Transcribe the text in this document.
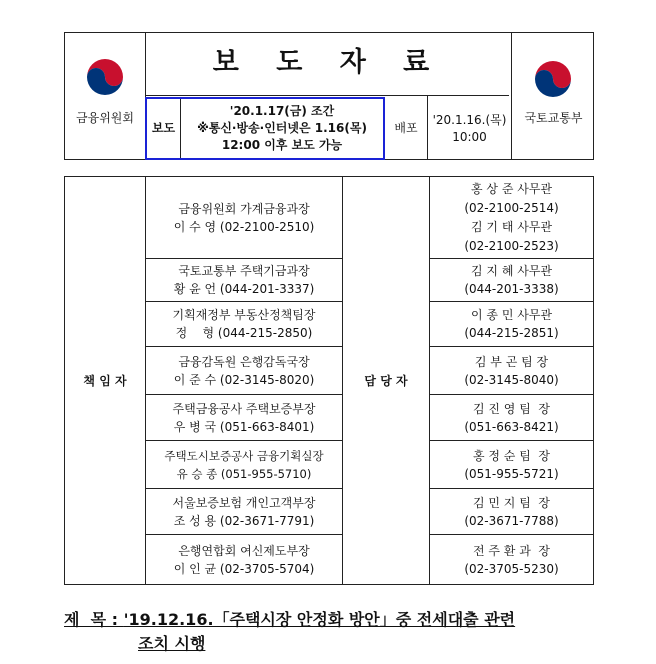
금융위원회
보 도 자 료
보도
'20.1.17(금) 조간
※통신·방송·인터넷은 1.16(목)
12:00 이후 보도 가능
배포
'20.1.16.(목)
10:00
국토교통부
책 임 자	담 당 자
금융위원회 가계금융과장
이 수 영 (02-2100-2510)
홍 상 준 사무관
(02-2100-2514)
김 기 태 사무관
(02-2100-2523)
국토교통부 주택기금과장
황 윤 언 (044-201-3337)
김 지 혜 사무관
(044-201-3338)
기획재정부 부동산정책팀장
정    형 (044-215-2850)
이 종 민 사무관
(044-215-2851)
금융감독원 은행감독국장
이 준 수 (02-3145-8020)
김 부 곤 팀 장
(02-3145-8040)
주택금융공사 주택보증부장
우 병 국 (051-663-8401)
김 진 영 팀  장
(051-663-8421)
주택도시보증공사 금융기획실장
유 승 종 (051-955-5710)
홍 정 순 팀  장
(051-955-5721)
서울보증보험 개인고객부장
조 성 용 (02-3671-7791)
김 민 지 팀  장
(02-3671-7788)
은행연합회 여신제도부장
이 인 균 (02-3705-5704)
전 주 환 과  장
(02-3705-5230)
제  목 : '19.12.16.「주택시장 안정화 방안」중 전세대출 관련
조치 시행
